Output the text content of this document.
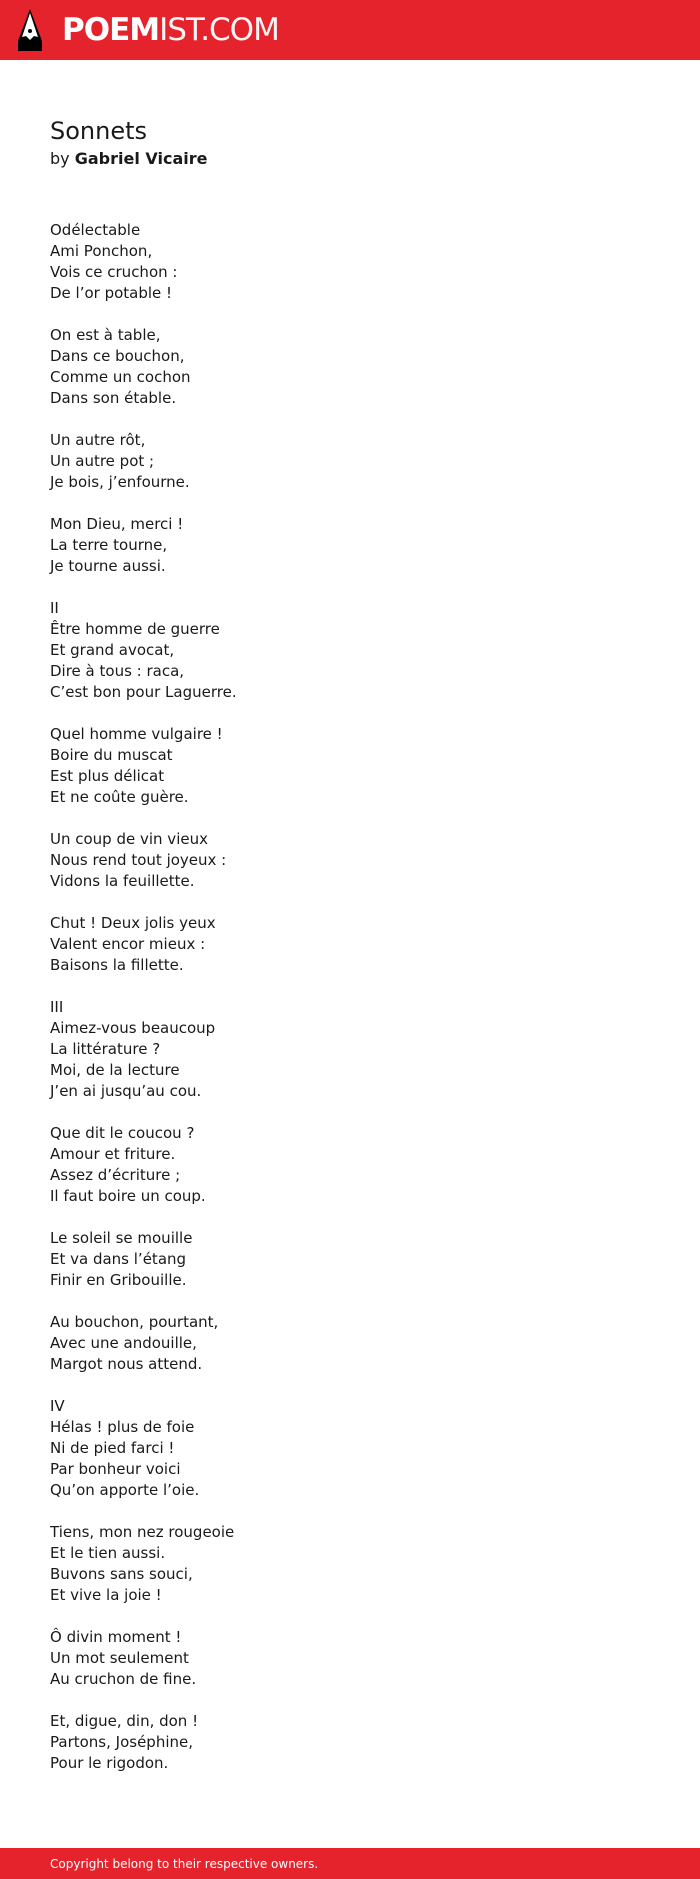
POEMIST.COM
Sonnets

by Gabriel Vicaire

Odélectable
Ami Ponchon,
Vois ce cruchon :
De l’or potable !

On est à table,
Dans ce bouchon,
Comme un cochon
Dans son étable.

Un autre rôt,
Un autre pot ;
Je bois, j’enfourne.

Mon Dieu, merci !
La terre tourne,
Je tourne aussi.

II
Être homme de guerre
Et grand avocat,
Dire à tous : raca,
C’est bon pour Laguerre.

Quel homme vulgaire !
Boire du muscat
Est plus délicat
Et ne coûte guère.

Un coup de vin vieux
Nous rend tout joyeux :
Vidons la feuillette.

Chut ! Deux jolis yeux
Valent encor mieux :
Baisons la fillette.

III
Aimez-vous beaucoup
La littérature ?
Moi, de la lecture
J’en ai jusqu’au cou.

Que dit le coucou ?
Amour et friture.
Assez d’écriture ;
Il faut boire un coup.

Le soleil se mouille
Et va dans l’étang
Finir en Gribouille.

Au bouchon, pourtant,
Avec une andouille,
Margot nous attend.

IV
Hélas ! plus de foie
Ni de pied farci !
Par bonheur voici
Qu’on apporte l’oie.

Tiens, mon nez rougeoie
Et le tien aussi.
Buvons sans souci,
Et vive la joie !

Ô divin moment !
Un mot seulement
Au cruchon de fine.

Et, digue, din, don !
Partons, Joséphine,
Pour le rigodon.

Copyright belong to their respective owners.
